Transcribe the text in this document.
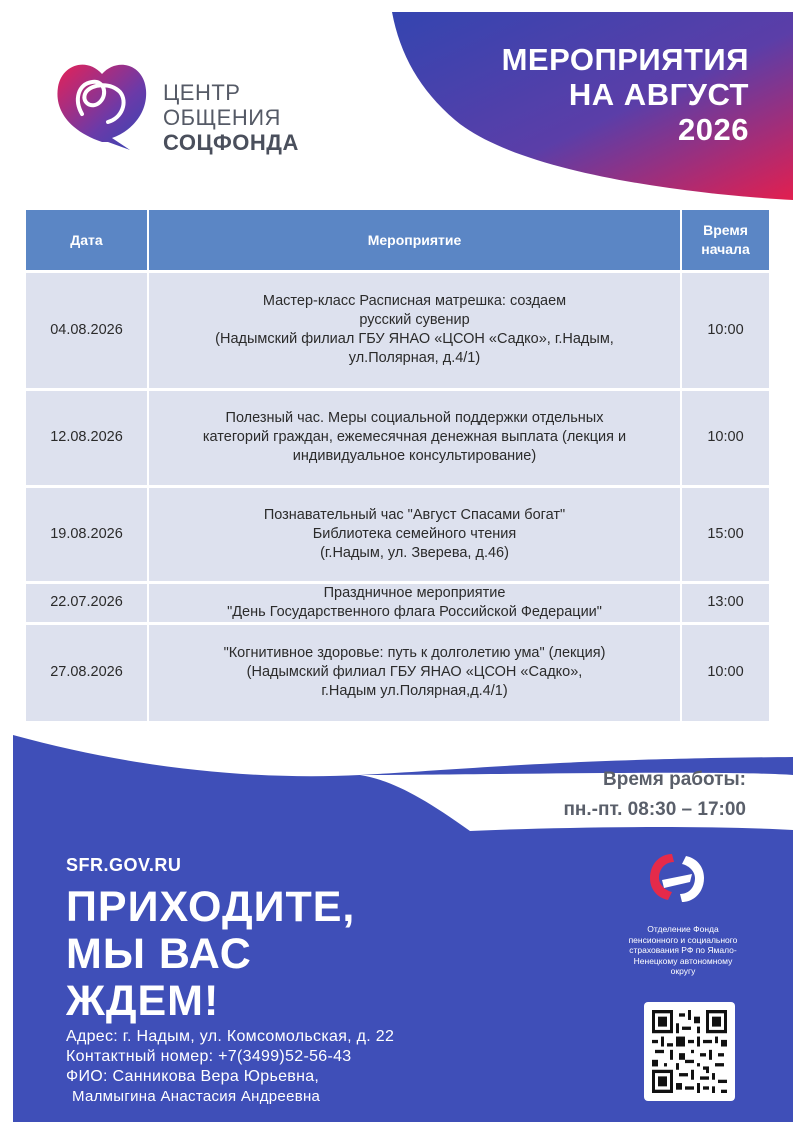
ЦЕНТР
ОБЩЕНИЯ
СОЦФОНДА
МЕРОПРИЯТИЯ
НА АВГУСТ
2026
Дата	Мероприятие	Время
начала

04.08.2026	Мастер-класс Расписная матрешка: создаем
русский сувенир
(Надымский филиал ГБУ ЯНАО «ЦСОН «Садко», г.Надым,
ул.Полярная, д.4/1)	10:00
12.08.2026	Полезный час. Меры социальной поддержки отдельных
категорий граждан, ежемесячная денежная выплата (лекция и
индивидуальное консультирование)	10:00
19.08.2026	Познавательный час "Август Спасами богат"
Библиотека семейного чтения
(г.Надым, ул. Зверева, д.46)	15:00
22.07.2026	Праздничное мероприятие
"День Государственного флага Российской Федерации"	13:00
27.08.2026	"Когнитивное здоровье: путь к долголетию ума" (лекция)
(Надымский филиал ГБУ ЯНАО «ЦСОН «Садко»,
г.Надым ул.Полярная,д.4/1)	10:00
Время работы:
пн.-пт. 08:30 – 17:00
SFR.GOV.RU
ПРИХОДИТЕ,
МЫ ВАС
ЖДЕМ!
Адрес: г. Надым, ул. Комсомольская, д. 22
Контактный номер: +7(3499)52-56-43
ФИО: Санникова Вера Юрьевна,
Малмыгина Анастасия Андреевна
Отделение Фонда пенсионного и социального страхования РФ по Ямало-Ненецкому автономному округу
